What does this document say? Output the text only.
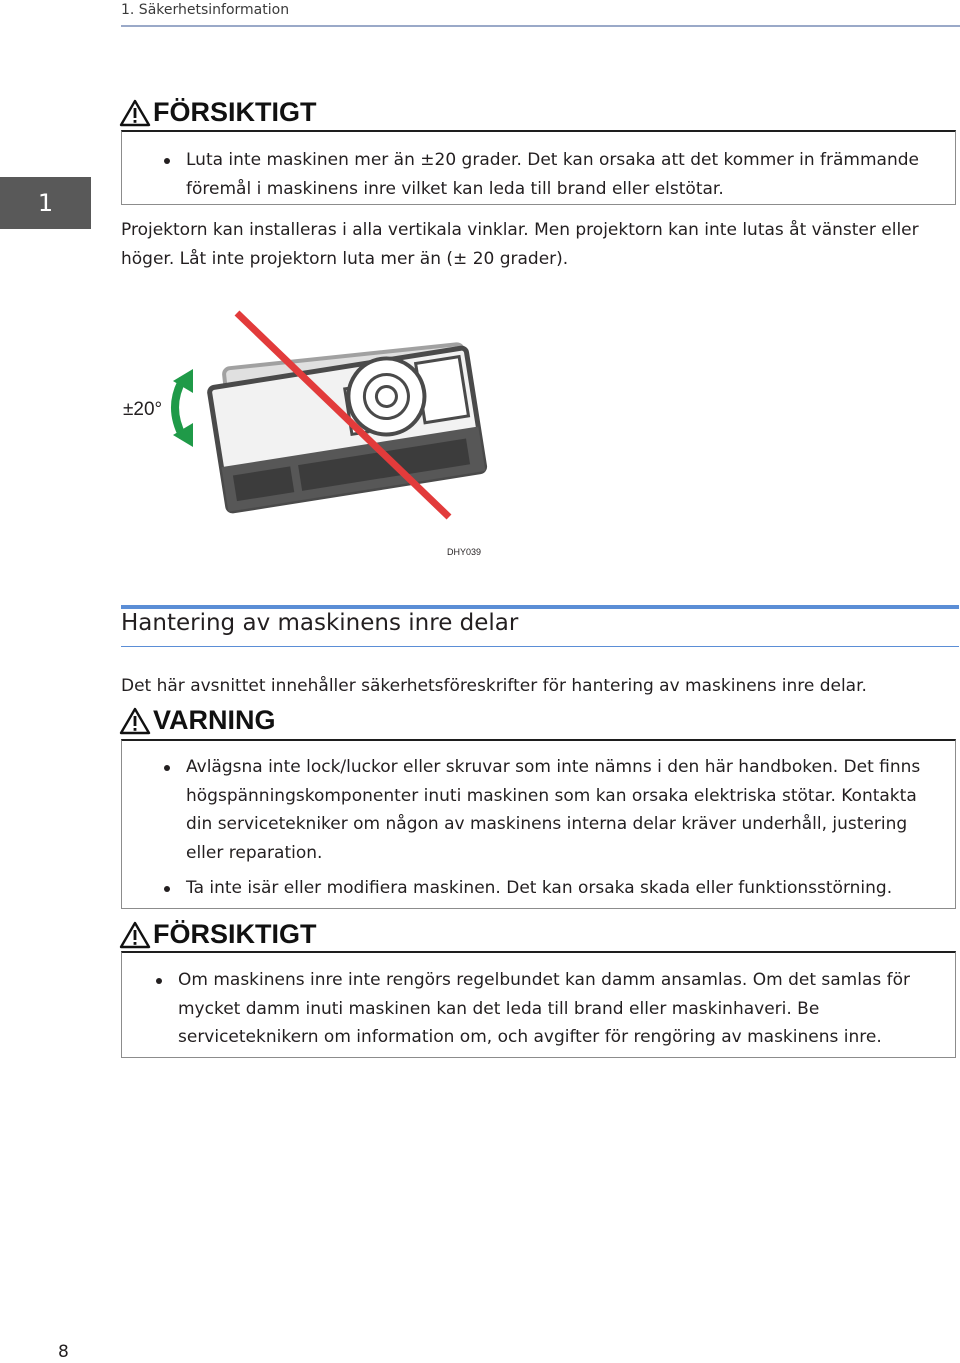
1. Säkerhetsinformation
1
FÖRSIKTIGT
Luta inte maskinen mer än ±20 grader. Det kan orsaka att det kommer in främmande föremål i maskinens inre vilket kan leda till brand eller elstötar.
Projektorn kan installeras i alla vertikala vinklar. Men projektorn kan inte lutas åt vänster eller höger. Låt inte projektorn luta mer än (± 20 grader).
±20°
DHY039
Hantering av maskinens inre delar
Det här avsnittet innehåller säkerhetsföreskrifter för hantering av maskinens inre delar.
VARNING
Avlägsna inte lock/luckor eller skruvar som inte nämns i den här handboken. Det finns högspänningskomponenter inuti maskinen som kan orsaka elektriska stötar. Kontakta din servicetekniker om någon av maskinens interna delar kräver underhåll, justering eller reparation.
Ta inte isär eller modifiera maskinen. Det kan orsaka skada eller funktionsstörning.
FÖRSIKTIGT
Om maskinens inre inte rengörs regelbundet kan damm ansamlas. Om det samlas för mycket damm inuti maskinen kan det leda till brand eller maskinhaveri. Be serviceteknikern om information om, och avgifter för rengöring av maskinens inre.
8
